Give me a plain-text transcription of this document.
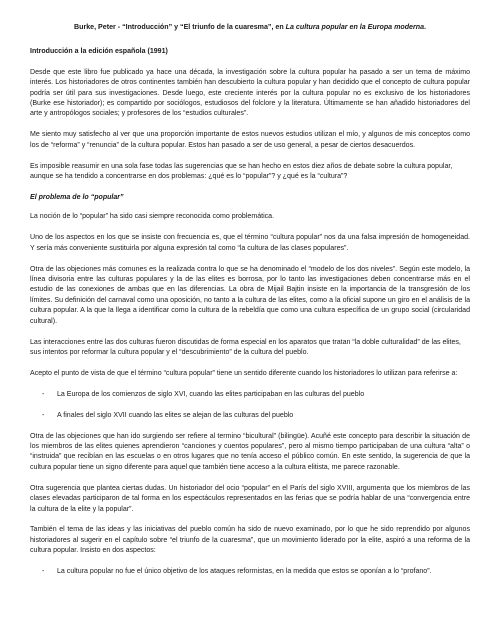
Burke, Peter - “Introducción” y “El triunfo de la cuaresma”, en La cultura popular en la Europa moderna.
Introducción a la edición española (1991)

Desde que este libro fue publicado ya hace una década, la investigación sobre la cultura popular ha pasado a ser un tema de máximo interés. Los historiadores de otros continentes también han descubierto la cultura popular y han decidido que el concepto de cultura popular podría ser útil para sus investigaciones. Desde luego, este creciente interés por la cultura popular no es exclusivo de los historiadores (Burke ese historiador); es compartido por sociólogos, estudiosos del folclore y la literatura. Últimamente se han añadido historiadores del arte y antropólogos sociales; y profesores de los “estudios culturales”.

Me siento muy satisfecho al ver que una proporción importante de estos nuevos estudios utilizan el mío, y algunos de mis conceptos como los de “reforma” y “renuncia” de la cultura popular. Estos han pasado a ser de uso general, a pesar de ciertos desacuerdos.

Es imposible reasumir en una sola fase todas las sugerencias que se han hecho en estos diez años de debate sobre la cultura popular, aunque se ha tendido a concentrarse en dos problemas: ¿qué es lo “popular”? y ¿qué es la “cultura”?

El problema de lo “popular”

La noción de lo “popular” ha sido casi siempre reconocida como problemática.

Uno de los aspectos en los que se insiste con frecuencia es, que el término “cultura popular” nos da una falsa impresión de homogeneidad. Y sería más conveniente sustituirla por alguna expresión tal como “la cultura de las clases populares”.

Otra de las objeciones más comunes es la realizada contra lo que se ha denominado el “modelo de los dos niveles”. Según este modelo, la línea divisoria entre las culturas populares y la de las elites es borrosa, por lo tanto las investigaciones deben concentrarse más en el estudio de las conexiones de ambas que en las diferencias. La obra de Mijail Bajtin insiste en la importancia de la transgresión de los límites. Su definición del carnaval como una oposición, no tanto a la cultura de las elites, como a la oficial supone un giro en el análisis de la cultura popular. A la que la llega a identificar como la cultura de la rebeldía que como una cultura específica de un grupo social (circularidad cultural).

Las interacciones entre las dos culturas fueron discutidas de forma especial en los aparatos que tratan “la doble culturalidad” de las elites, sus intentos por reformar la cultura popular y el “descubrimiento” de la cultura del pueblo.

Acepto el punto de vista de que el término “cultura popular” tiene un sentido diferente cuando los historiadores lo utilizan para referirse a:

- La Europa de los comienzos de siglo XVI, cuando las elites participaban en las culturas del pueblo
- A finales del siglo XVII cuando las elites se alejan de las culturas del pueblo

Otra de las objeciones que han ido surgiendo ser refiere al termino “bicultural” (bilingüe). Acuñé este concepto para describir la situación de los miembros de las elites quienes aprendieron “canciones y cuentos populares”, pero al mismo tiempo participaban de una cultura “alta” o “instruida” que recibían en las escuelas o en otros lugares que no tenía acceso el público común. En este sentido, la sugerencia de que la cultura popular tiene un signo diferente para aquel que también tiene acceso a la cultura elitista, me parece razonable.

Otra sugerencia que plantea ciertas dudas. Un historiador del ocio “popular” en el París del siglo XVIII, argumenta que los miembros de las clases elevadas participaron de tal forma en los espectáculos representados en las ferias que se podría hablar de una “convergencia entre la cultura de la elite y la popular”.

También el tema de las ideas y las iniciativas del pueblo común ha sido de nuevo examinado, por lo que he sido reprendido por algunos historiadores al sugerir en el capítulo sobre “el triunfo de la cuaresma”, que un movimiento liderado por la elite, aspiró a una reforma de la cultura popular. Insisto en dos aspectos:

- La cultura popular no fue el único objetivo de los ataques reformistas, en la medida que estos se oponían a lo “profano”.
